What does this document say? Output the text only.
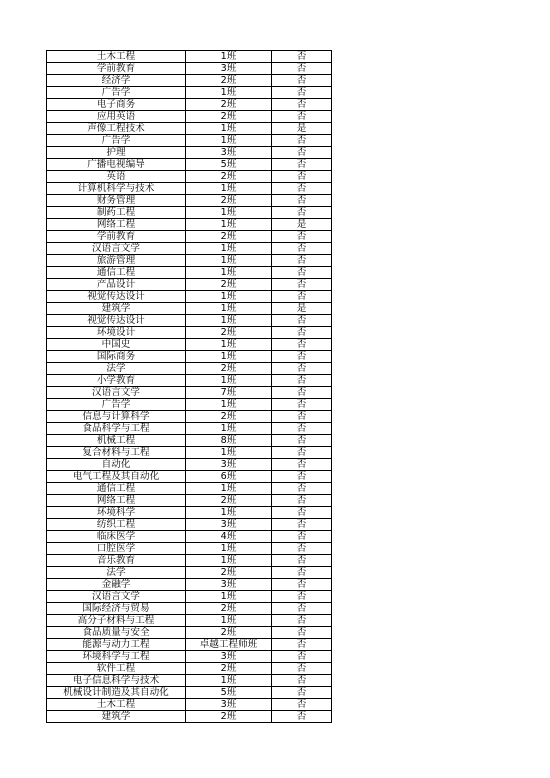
土木工程	1班	否
学前教育	3班	否
经济学	2班	否
广告学	1班	否
电子商务	2班	否
应用英语	2班	否
声像工程技术	1班	是
广告学	1班	否
护理	3班	否
广播电视编导	5班	否
英语	2班	否
计算机科学与技术	1班	否
财务管理	2班	否
制药工程	1班	否
网络工程	1班	是
学前教育	2班	否
汉语言文学	1班	否
旅游管理	1班	否
通信工程	1班	否
产品设计	2班	否
视觉传达设计	1班	否
建筑学	1班	是
视觉传达设计	1班	否
环境设计	2班	否
中国史	1班	否
国际商务	1班	否
法学	2班	否
小学教育	1班	否
汉语言文学	7班	否
广告学	1班	否
信息与计算科学	2班	否
食品科学与工程	1班	否
机械工程	8班	否
复合材料与工程	1班	否
自动化	3班	否
电气工程及其自动化	6班	否
通信工程	1班	否
网络工程	2班	否
环境科学	1班	否
纺织工程	3班	否
临床医学	4班	否
口腔医学	1班	否
音乐教育	1班	否
法学	2班	否
金融学	3班	否
汉语言文学	1班	否
国际经济与贸易	2班	否
高分子材料与工程	1班	否
食品质量与安全	2班	否
能源与动力工程	卓越工程师班	否
环境科学与工程	3班	否
软件工程	2班	否
电子信息科学与技术	1班	否
机械设计制造及其自动化	5班	否
土木工程	3班	否
建筑学	2班	否
